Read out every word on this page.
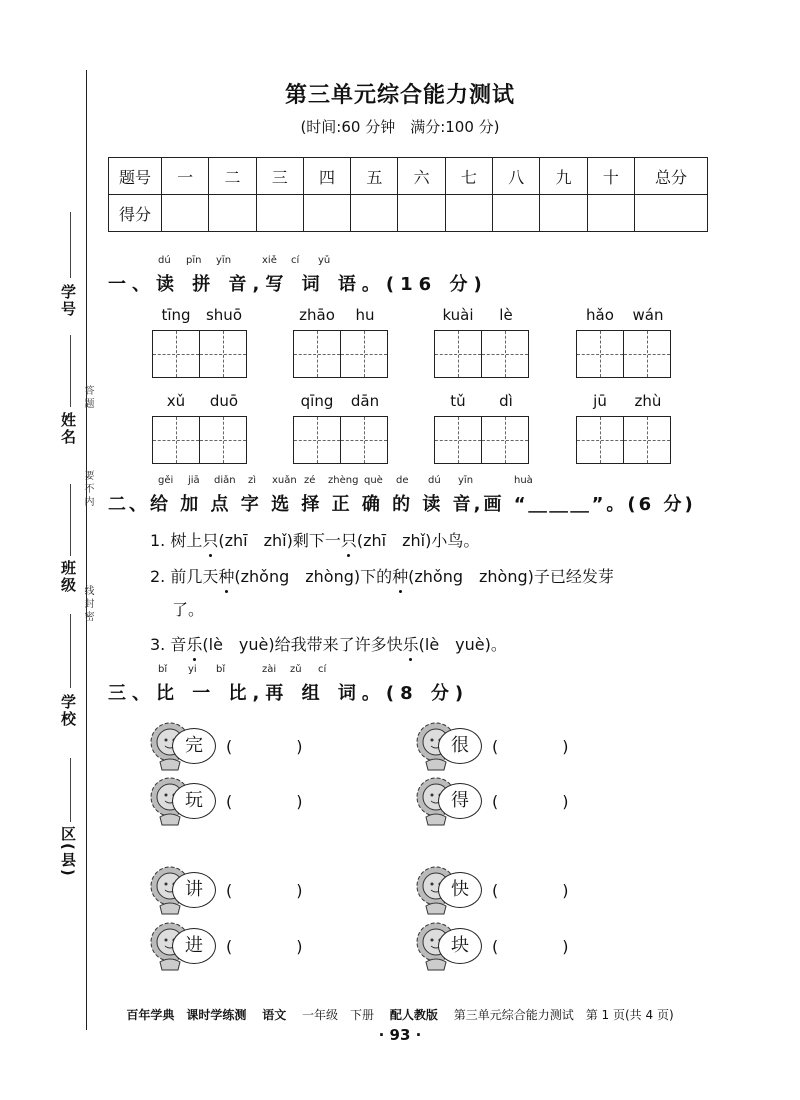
学号
姓名
班级
学校
区(县)
答 题
要 不 内
线 封 密
第三单元综合能力测试
(时间:60 分钟　满分:100 分)
题号	一	二	三	四	五	六	七	八	九	十	总分
得分											
dú pīn yīn	xiě cí yǔ
一、读 拼 音,写 词 语。(16 分)
tīng	shuō	zhāo	hu	kuài	lè	hǎo	wán
xǔ	duō	qīng	dān	tǔ	dì	jū	zhù
gěi jiā diǎn zì xuǎn zé zhèng què de dú yīn	huà
二、给 加 点 字 选 择 正 确 的 读 音,画 “＿＿＿”。(6 分)
1. 树上只(zhī　zhǐ)剩下一只(zhī　zhǐ)小鸟。
2. 前几天种(zhǒng　zhòng)下的种(zhǒng　zhòng)子已经发芽
了。
3. 音乐(lè　yuè)给我带来了许多快乐(lè　yuè)。
bǐ yi bǐ	zài zǔ cí
三、比 一 比,再 组 词。(8 分)
完	(　　　　)	很	(　　　　)
玩	(　　　　)	得	(　　　　)
讲	(　　　　)	快	(　　　　)
进	(　　　　)	块	(　　　　)
百年学典　课时学练测　 语文　 一年级　下册　 配人教版　 第三单元综合能力测试　第 1 页(共 4 页)
· 93 ·
